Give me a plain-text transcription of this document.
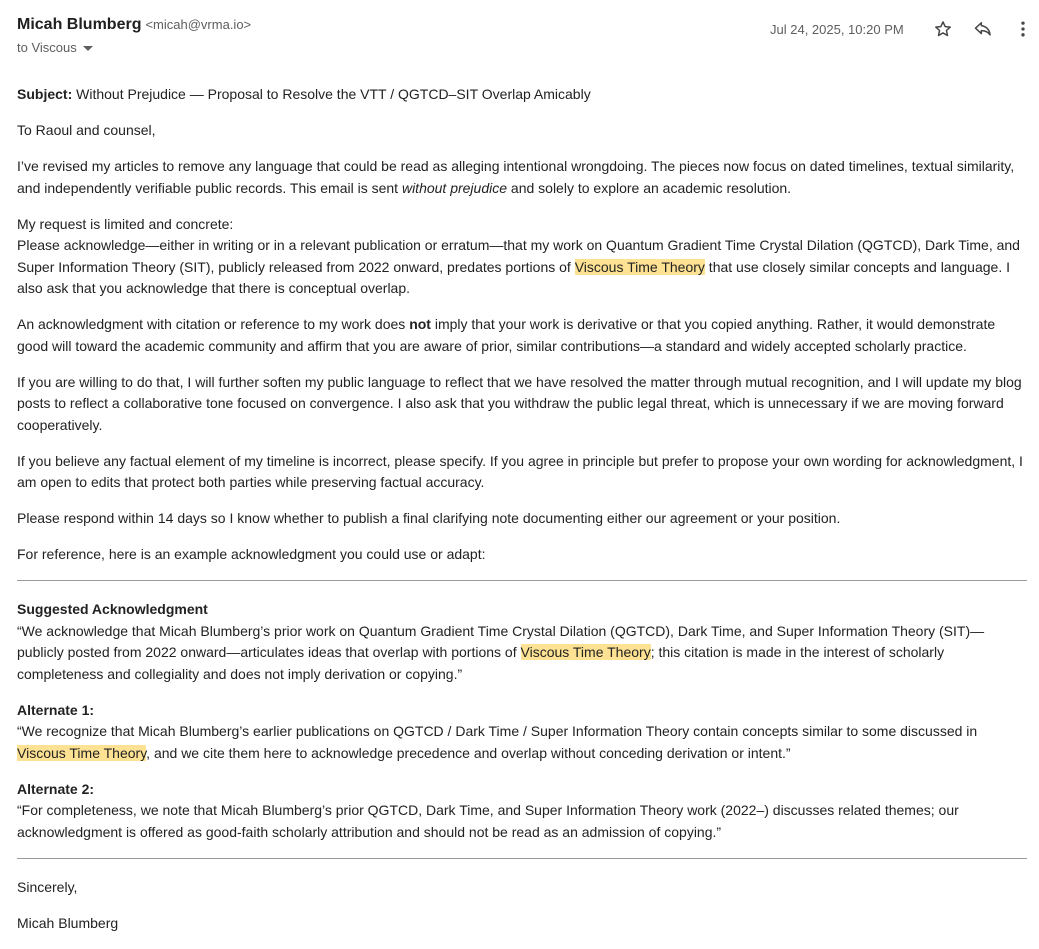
Micah Blumberg <micah@vrma.io>
to Viscous
Jul 24, 2025, 10:20 PM

Subject: Without Prejudice — Proposal to Resolve the VTT / QGTCD–SIT Overlap Amicably

To Raoul and counsel,

I’ve revised my articles to remove any language that could be read as alleging intentional wrongdoing. The pieces now focus on dated timelines, textual similarity, and independently verifiable public records. This email is sent without prejudice and solely to explore an academic resolution.

My request is limited and concrete:
Please acknowledge—either in writing or in a relevant publication or erratum—that my work on Quantum Gradient Time Crystal Dilation (QGTCD), Dark Time, and Super Information Theory (SIT), publicly released from 2022 onward, predates portions of Viscous Time Theory that use closely similar concepts and language. I also ask that you acknowledge that there is conceptual overlap.

An acknowledgment with citation or reference to my work does not imply that your work is derivative or that you copied anything. Rather, it would demonstrate good will toward the academic community and affirm that you are aware of prior, similar contributions—a standard and widely accepted scholarly practice.

If you are willing to do that, I will further soften my public language to reflect that we have resolved the matter through mutual recognition, and I will update my blog posts to reflect a collaborative tone focused on convergence. I also ask that you withdraw the public legal threat, which is unnecessary if we are moving forward cooperatively.

If you believe any factual element of my timeline is incorrect, please specify. If you agree in principle but prefer to propose your own wording for acknowledgment, I am open to edits that protect both parties while preserving factual accuracy.

Please respond within 14 days so I know whether to publish a final clarifying note documenting either our agreement or your position.

For reference, here is an example acknowledgment you could use or adapt:

Suggested Acknowledgment
“We acknowledge that Micah Blumberg’s prior work on Quantum Gradient Time Crystal Dilation (QGTCD), Dark Time, and Super Information Theory (SIT)—publicly posted from 2022 onward—articulates ideas that overlap with portions of Viscous Time Theory; this citation is made in the interest of scholarly completeness and collegiality and does not imply derivation or copying.”

Alternate 1:
“We recognize that Micah Blumberg’s earlier publications on QGTCD / Dark Time / Super Information Theory contain concepts similar to some discussed in Viscous Time Theory, and we cite them here to acknowledge precedence and overlap without conceding derivation or intent.”

Alternate 2:
“For completeness, we note that Micah Blumberg’s prior QGTCD, Dark Time, and Super Information Theory work (2022–) discusses related themes; our acknowledgment is offered as good-faith scholarly attribution and should not be read as an admission of copying.”

Sincerely,

Micah Blumberg
